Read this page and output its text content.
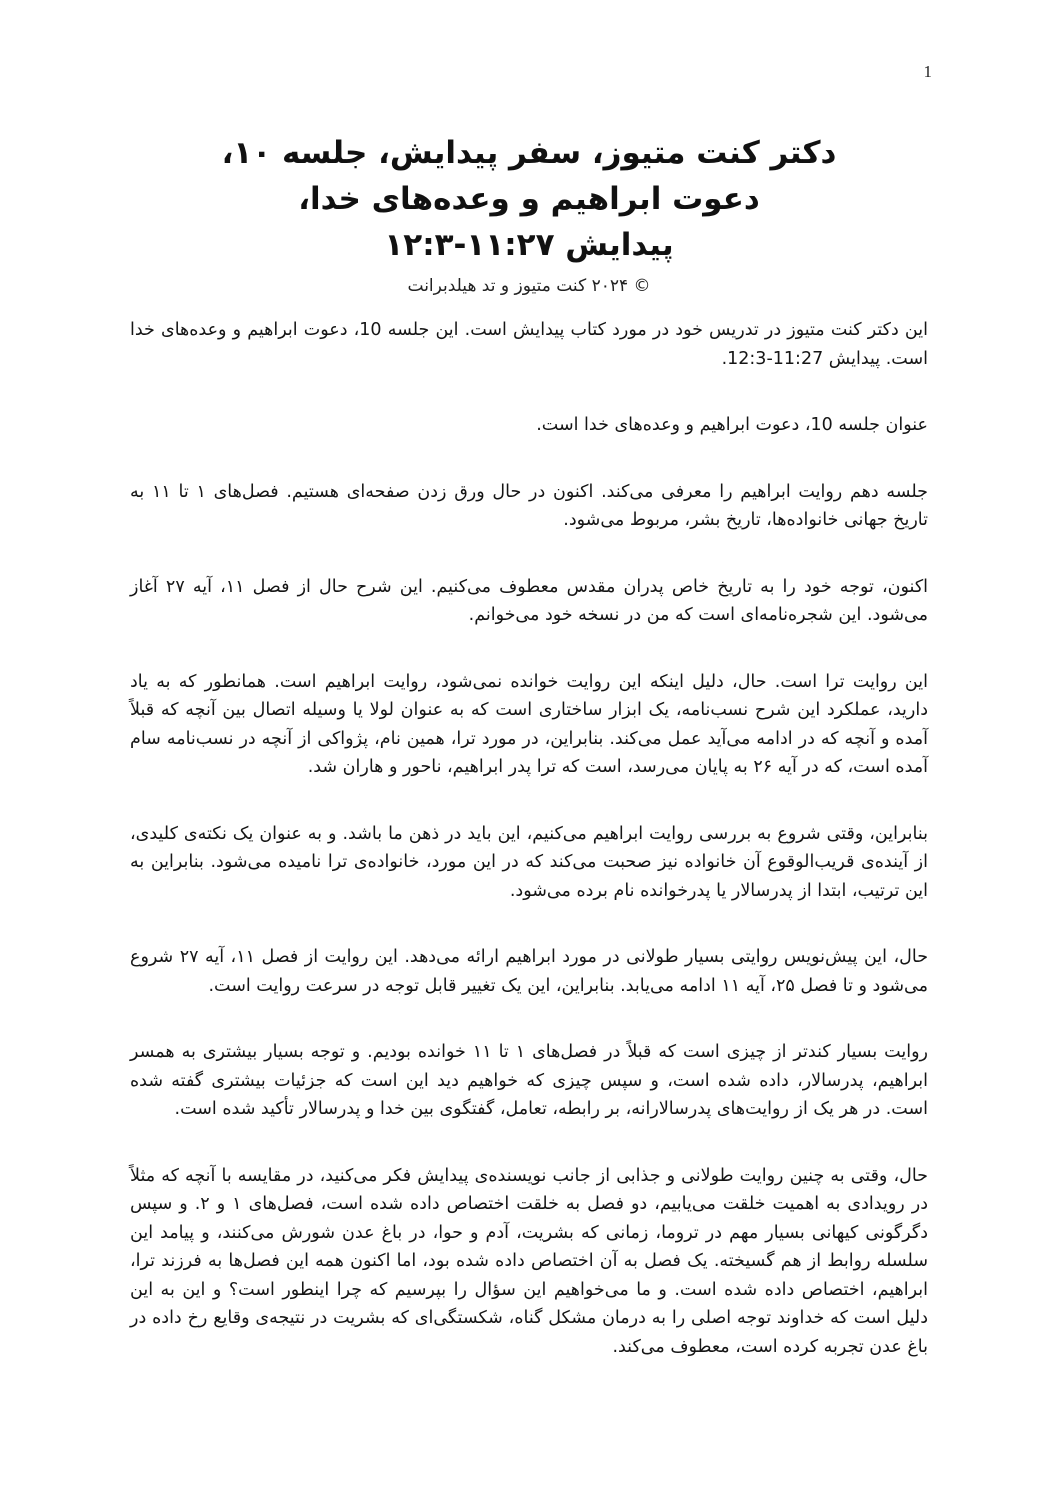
1
دکتر کنت متیوز، سفر پیدایش، جلسه ۱۰،
دعوت ابراهیم و وعده‌های خدا،
پیدایش ۱۱:۲۷-۱۲:۳
© ۲۰۲۴ کنت متیوز و تد هیلدبرانت

این دکتر کنت متیوز در تدریس خود در مورد کتاب پیدایش است. این جلسه 10، دعوت ابراهیم و وعده‌های خدا است. پیدایش 11:27-12:3.

عنوان جلسه 10، دعوت ابراهیم و وعده‌های خدا است.

جلسه دهم روایت ابراهیم را معرفی می‌کند. اکنون در حال ورق زدن صفحه‌ای هستیم. فصل‌های ۱ تا ۱۱ به تاریخ جهانی خانواده‌ها، تاریخ بشر، مربوط می‌شود.

اکنون، توجه خود را به تاریخ خاص پدران مقدس معطوف می‌کنیم. این شرح حال از فصل ۱۱، آیه ۲۷ آغاز می‌شود. این شجره‌نامه‌ای است که من در نسخه خود می‌خوانم.

این روایت ترا است. حال، دلیل اینکه این روایت خوانده نمی‌شود، روایت ابراهیم است. همانطور که به یاد دارید، عملکرد این شرح نسب‌نامه، یک ابزار ساختاری است که به عنوان لولا یا وسیله اتصال بین آنچه که قبلاً آمده و آنچه که در ادامه می‌آید عمل می‌کند. بنابراین، در مورد ترا، همین نام، پژواکی از آنچه در نسب‌نامه سام آمده است، که در آیه ۲۶ به پایان می‌رسد، است که ترا پدر ابراهیم، ناحور و هاران شد.

بنابراین، وقتی شروع به بررسی روایت ابراهیم می‌کنیم، این باید در ذهن ما باشد. و به عنوان یک نکته‌ی کلیدی، از آینده‌ی قریب‌الوقوع آن خانواده نیز صحبت می‌کند که در این مورد، خانواده‌ی ترا نامیده می‌شود. بنابراین به این ترتیب، ابتدا از پدرسالار یا پدرخوانده نام برده می‌شود.

حال، این پیش‌نویس روایتی بسیار طولانی در مورد ابراهیم ارائه می‌دهد. این روایت از فصل ۱۱، آیه ۲۷ شروع می‌شود و تا فصل ۲۵، آیه ۱۱ ادامه می‌یابد. بنابراین، این یک تغییر قابل توجه در سرعت روایت است.

روایت بسیار کندتر از چیزی است که قبلاً در فصل‌های ۱ تا ۱۱ خوانده بودیم. و توجه بسیار بیشتری به همسر ابراهیم، پدرسالار، داده شده است، و سپس چیزی که خواهیم دید این است که جزئیات بیشتری گفته شده است. در هر یک از روایت‌های پدرسالارانه، بر رابطه، تعامل، گفتگوی بین خدا و پدرسالار تأکید شده است.

حال، وقتی به چنین روایت طولانی و جذابی از جانب نویسنده‌ی پیدایش فکر می‌کنید، در مقایسه با آنچه که مثلاً در رویدادی به اهمیت خلقت می‌یابیم، دو فصل به خلقت اختصاص داده شده است، فصل‌های ۱ و ۲. و سپس دگرگونی کیهانی بسیار مهم در تروما، زمانی که بشریت، آدم و حوا، در باغ عدن شورش می‌کنند، و پیامد این سلسله روابط از هم گسیخته. یک فصل به آن اختصاص داده شده بود، اما اکنون همه این فصل‌ها به فرزند ترا، ابراهیم، اختصاص داده شده است. و ما می‌خواهیم این سؤال را بپرسیم که چرا اینطور است؟ و این به این دلیل است که خداوند توجه اصلی را به درمان مشکل گناه، شکستگی‌ای که بشریت در نتیجه‌ی وقایع رخ داده در باغ عدن تجربه کرده است، معطوف می‌کند.
